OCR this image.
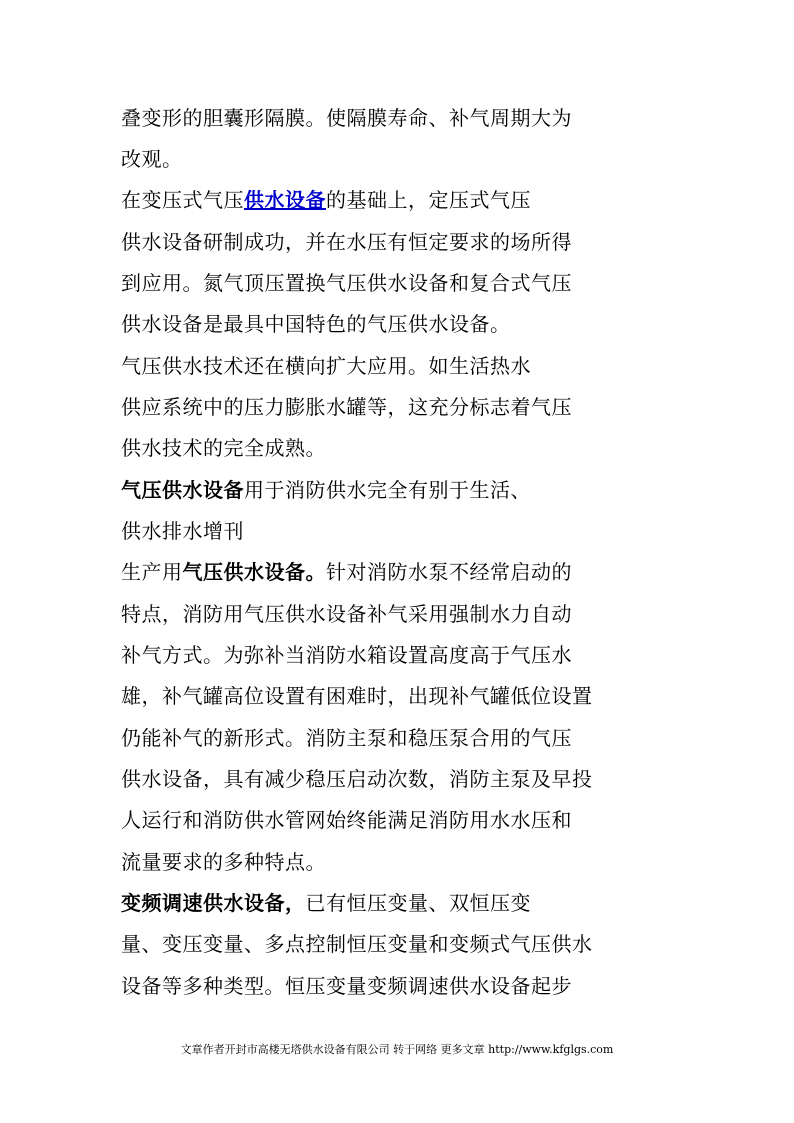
叠变形的胆囊形隔膜。使隔膜寿命、补气周期大为
改观。
在变压式气压供水设备的基础上，定压式气压
供水设备研制成功，并在水压有恒定要求的场所得
到应用。氮气顶压置换气压供水设备和复合式气压
供水设备是最具中国特色的气压供水设备。
气压供水技术还在横向扩大应用。如生活热水
供应系统中的压力膨胀水罐等，这充分标志着气压
供水技术的完全成熟。
气压供水设备用于消防供水完全有别于生活、
供水排水增刊
生产用气压供水设备。针对消防水泵不经常启动的
特点，消防用气压供水设备补气采用强制水力自动
补气方式。为弥补当消防水箱设置高度高于气压水
雄，补气罐高位设置有困难时，出现补气罐低位设置
仍能补气的新形式。消防主泵和稳压泵合用的气压
供水设备，具有减少稳压启动次数，消防主泵及早投
人运行和消防供水管网始终能满足消防用水水压和
流量要求的多种特点。
变频调速供水设备，已有恒压变量、双恒压变
量、变压变量、多点控制恒压变量和变频式气压供水
设备等多种类型。恒压变量变频调速供水设备起步
文章作者开封市高楼无塔供水设备有限公司 转于网络 更多文章 http://www.kfglgs.com
